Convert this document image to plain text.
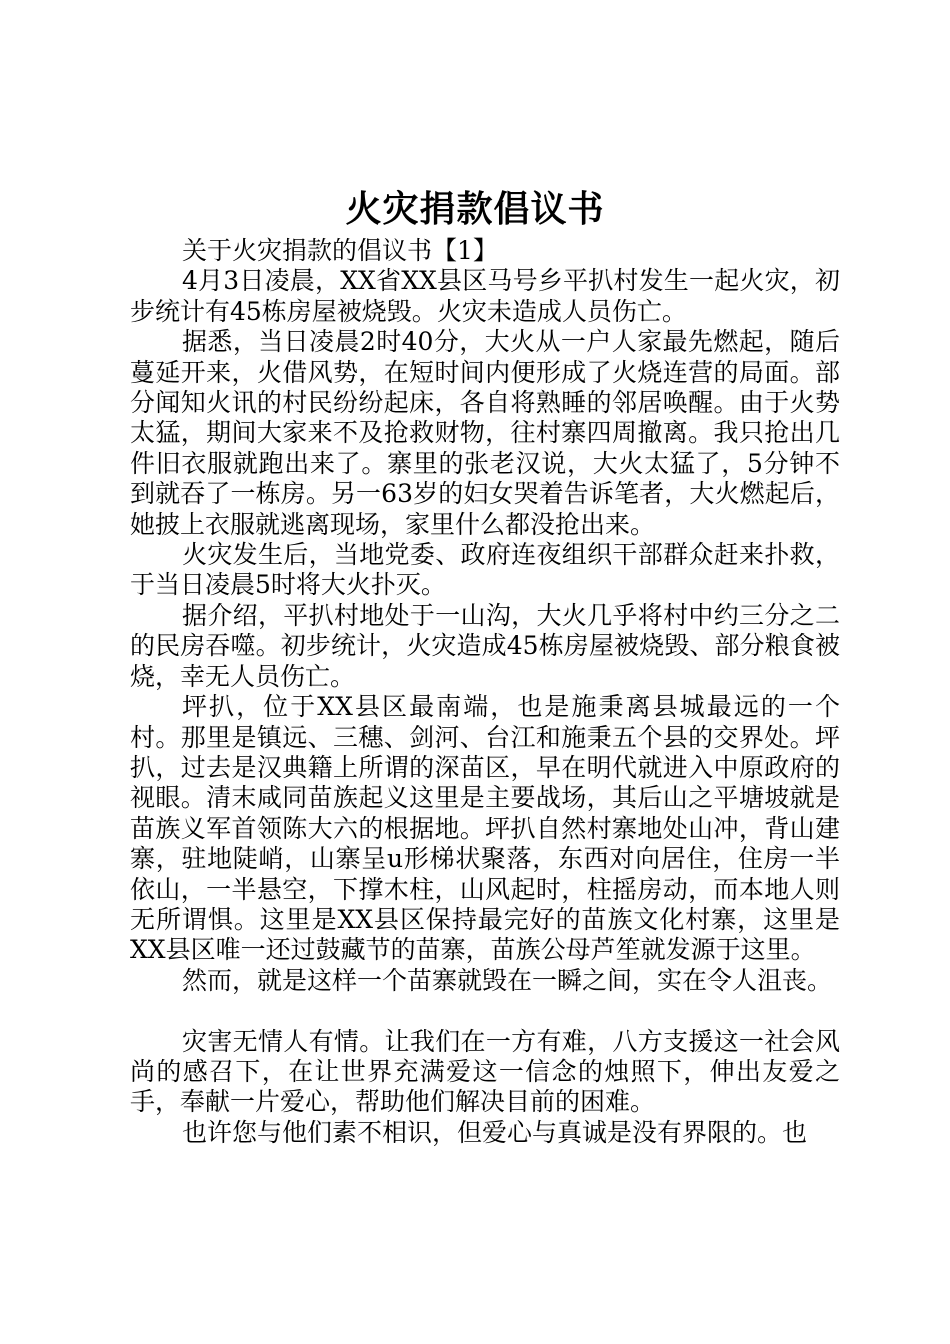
火灾捐款倡议书

关于火灾捐款的倡议书【1】

4月3日凌晨，XX省XX县区马号乡平扒村发生一起火灾，初步统计有45栋房屋被烧毁。火灾未造成人员伤亡。

据悉，当日凌晨2时40分，大火从一户人家最先燃起，随后蔓延开来，火借风势，在短时间内便形成了火烧连营的局面。部分闻知火讯的村民纷纷起床，各自将熟睡的邻居唤醒。由于火势太猛，期间大家来不及抢救财物，往村寨四周撤离。我只抢出几件旧衣服就跑出来了。寨里的张老汉说，大火太猛了，5分钟不到就吞了一栋房。另一63岁的妇女哭着告诉笔者，大火燃起后，她披上衣服就逃离现场，家里什么都没抢出来。

火灾发生后，当地党委、政府连夜组织干部群众赶来扑救，于当日凌晨5时将大火扑灭。

据介绍，平扒村地处于一山沟，大火几乎将村中约三分之二的民房吞噬。初步统计，火灾造成45栋房屋被烧毁、部分粮食被烧，幸无人员伤亡。

坪扒，位于XX县区最南端，也是施秉离县城最远的一个村。那里是镇远、三穗、剑河、台江和施秉五个县的交界处。坪扒，过去是汉典籍上所谓的深苗区，早在明代就进入中原政府的视眼。清末咸同苗族起义这里是主要战场，其后山之平塘坡就是苗族义军首领陈大六的根据地。坪扒自然村寨地处山冲，背山建寨，驻地陡峭，山寨呈u形梯状聚落，东西对向居住，住房一半依山，一半悬空，下撑木柱，山风起时，柱摇房动，而本地人则无所谓惧。这里是XX县区保持最完好的苗族文化村寨，这里是XX县区唯一还过鼓藏节的苗寨，苗族公母芦笙就发源于这里。

然而，就是这样一个苗寨就毁在一瞬之间，实在令人沮丧。

灾害无情人有情。让我们在一方有难，八方支援这一社会风尚的感召下，在让世界充满爱这一信念的烛照下，伸出友爱之手，奉献一片爱心，帮助他们解决目前的困难。

也许您与他们素不相识，但爱心与真诚是没有界限的。也
